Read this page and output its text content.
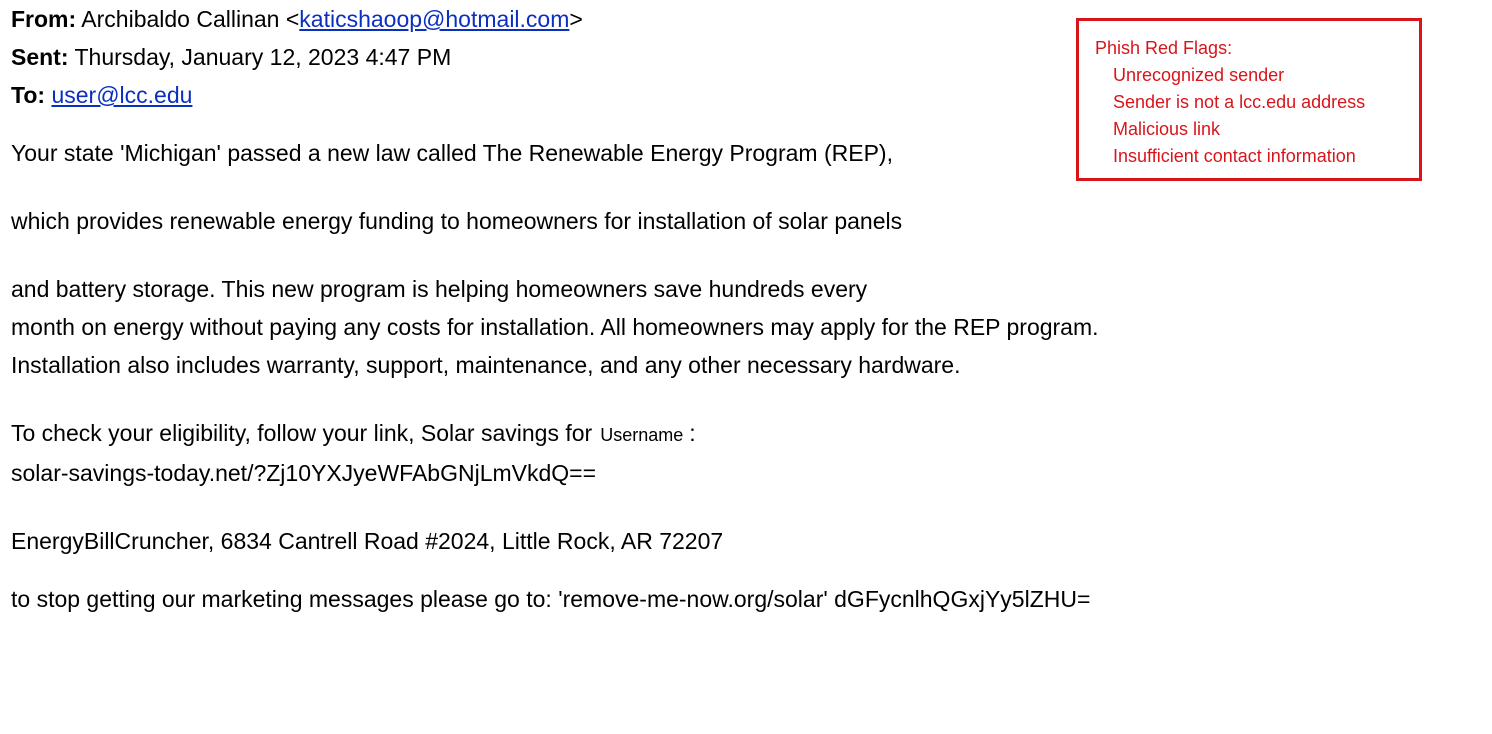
From: Archibaldo Callinan <katicshaoop@hotmail.com>
Sent: Thursday, January 12, 2023 4:47 PM
To: user@lcc.edu
Your state 'Michigan' passed a new law called The Renewable Energy Program (REP),
which provides renewable energy funding to homeowners for installation of solar panels
and battery storage. This new program is helping homeowners save hundreds every
month on energy without paying any costs for installation. All homeowners may apply for the REP program.
Installation also includes warranty, support, maintenance, and any other necessary hardware.
To check your eligibility, follow your link, Solar savings for Username :
solar-savings-today.net/?Zj10YXJyeWFAbGNjLmVkdQ==
EnergyBillCruncher, 6834 Cantrell Road #2024, Little Rock, AR 72207
to stop getting our marketing messages please go to: 'remove-me-now.org/solar' dGFycnlhQGxjYy5lZHU=
Phish Red Flags:
Unrecognized sender
Sender is not a lcc.edu address
Malicious link
Insufficient contact information
